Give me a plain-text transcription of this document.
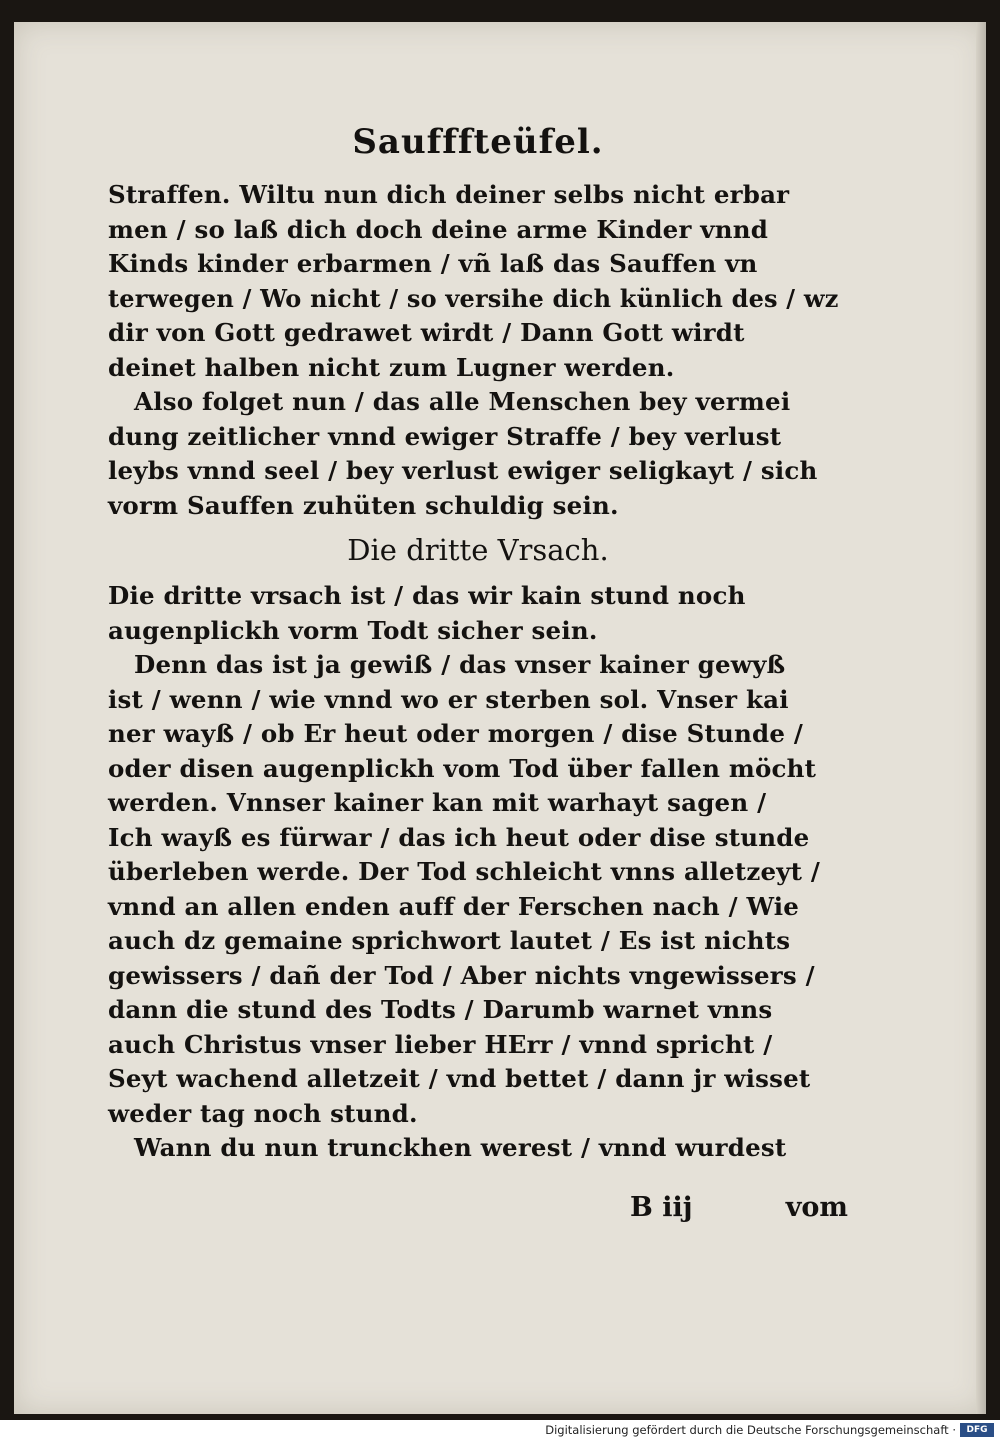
Saufffteüfel.
Straffen. Wiltu nun dich deiner selbs nicht erbar
men / so laß dich doch deine arme Kinder vnnd
Kinds kinder erbarmen / vñ laß das Sauffen vn
terwegen / Wo nicht / so versihe dich künlich des / wz
dir von Gott gedrawet wirdt / Dann Gott wirdt
deinet halben nicht zum Lugner werden.
Also folget nun / das alle Menschen bey vermei
dung zeitlicher vnnd ewiger Straffe / bey verlust
leybs vnnd seel / bey verlust ewiger seligkayt / sich
vorm Sauffen zuhüten schuldig sein.
Die dritte Vrsach.
Die dritte vrsach ist / das wir kain stund noch
augenplickh vorm Todt sicher sein.
Denn das ist ja gewiß / das vnser kainer gewyß
ist / wenn / wie vnnd wo er sterben sol. Vnser kai
ner wayß / ob Er heut oder morgen / dise Stunde /
oder disen augenplickh vom Tod über fallen möcht
werden. Vnnser kainer kan mit warhayt sagen /
Ich wayß es fürwar / das ich heut oder dise stunde
überleben werde. Der Tod schleicht vnns alletzeyt /
vnnd an allen enden auff der Ferschen nach / Wie
auch dz gemaine sprichwort lautet / Es ist nichts
gewissers / dañ der Tod / Aber nichts vngewissers /
dann die stund des Todts / Darumb warnet vnns
auch Christus vnser lieber HErr / vnnd spricht /
Seyt wachend alletzeit / vnd bettet / dann jr wisset
weder tag noch stund.
Wann du nun trunckhen werest / vnnd wurdest
B iij	vom
Digitalisierung gefördert durch die Deutsche Forschungsgemeinschaft ·	DFG
